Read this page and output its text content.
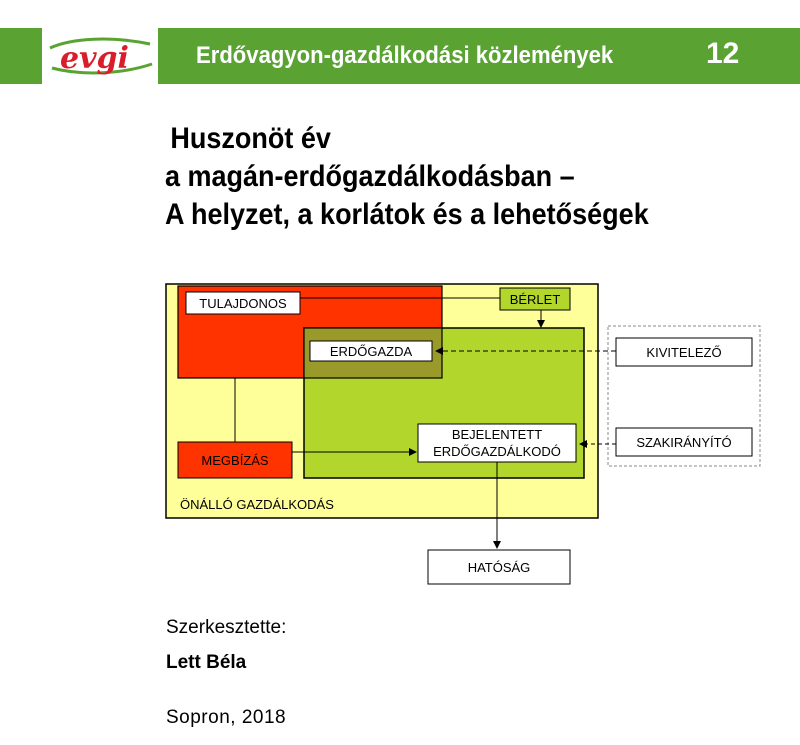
evgi	Erdővagyon-gazdálkodási közlemények	12
Huszonöt év
a magán-erdőgazdálkodásban –
A helyzet, a korlátok és a lehetőségek
TULAJDONOS	BÉRLET
ERDŐGAZDA	KIVITELEZŐ
BEJELENTETT
ERDŐGAZDÁLKODÓ
SZAKIRÁNYÍTÓ
MEGBÍZÁS
ÖNÁLLÓ GAZDÁLKODÁS
HATÓSÁG
Szerkesztette:
Lett Béla
Sopron, 2018
